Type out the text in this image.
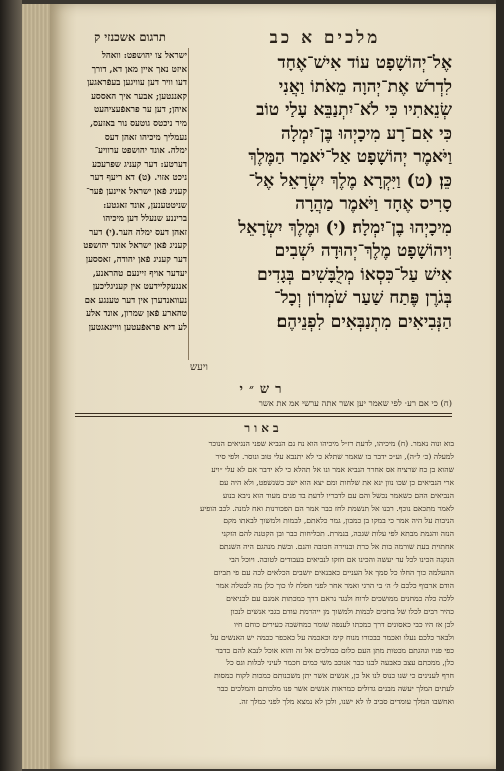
מלכים א כב
תרגום אשכנזי ק
אֶל־יְהוֹשָׁפָט עוֹד אִישׁ־אֶחָד
לִדְרֹשׁ אֶת־יְהוָה מֵאֹתוֹ וַאֲנִי
שְׂנֵאתִיו כִּי לֹא־יִתְנַבֵּא עָלַי טוֹב
כִּי אִם־רָע מִיכָיְהוּ בֶּן־יִמְלָה
וַיֹּאמֶר יְהוֹשָׁפָט אַל־יֹאמַר הַמֶּלֶךְ
כֵּן׃ (ט) וַיִּקְרָא מֶלֶךְ יִשְׂרָאֵל אֶל־
סָרִיס אֶחָד וַיֹּאמֶר מַהֲרָה
מִיכָיְהוּ בֶן־יִמְלָה׃ (י) וּמֶלֶךְ יִשְׂרָאֵל
וִיהוֹשָׁפָט מֶלֶךְ־יְהוּדָה יֹשְׁבִים
אִישׁ עַל־כִּסְאוֹ מְלֻבָּשִׁים בְּגָדִים
בְּגֹרֶן פֶּתַח שַׁעַר שֹׁמְרוֹן וְכָל־
הַנְּבִיאִים מִתְנַבְּאִים לִפְנֵיהֶם׃
ויעש
ישראל צו יהושפט: וואהל
איזט נאך איין מאן דא, דורך
דעו וויר דען עוויגען בעפֿראגען
קאננטען; אבער איך האססע
איהן; דען ער פראפֿעציהעט
מיר ניכטס גוטעס נור באזעס,
נעמליך מיכיהו זאהן דעס
ימלה. אונד יהושפט ערוויע־
דערטע: דער קעניג שפרעכע
ניכט אזוי. (ט) דא ריעף דער
קעניג פֿאן ישראל איינען פֿער־
שניטטענען, אונד זאגטע:
בריננע שנעלל דען מיכיהו
זאהן דעס ימלה הער.(י) דער
קעניג פֿאן ישראל אונד יהושפט
דער קעניג פֿאן יהודה, זאססען
יעדער אויף זיינעם טהראנע,
אנגעקליידעט אין קעניגליכען
נעוואנדערן אין דער טענגע אם
טהארע פֿאן שמרון, אונד אלע
לע דיא פראפֿעטען וויינאגטען
רש״י
(ח) כי אם רע· לפי שאמר יען אשר אתה ערשי אמ את אשר
באור
בוא ונוה נאמר. (ח) מיכיהו, לדעת רז״ל מיכיהו הוא נח נם הנביא שפני הנגיאים הנוכר
למעלה (כ׳ ל״ה), וע״כ ידבר בו שאמר שתלא כי לא יתנבא עלי טוב ונוסר. ולפי סיר
שהוא בן כח שרציח אס אחרר הנביא אמר ונו אל תהלא כי לא ידבר אם לא עלי ״ויע
ארי הנביאים כן שכו נוון ינא את שלחות ומם יצא הוא ישב כשנשפט, ולא היה עם
הנביאים ההם כשאמר נכשל והם עם לדבריו לדעת בד פנים מעוד הוא ניבא בנוע
לאמר מתכאם נוכף. רבנו אל תנשמת לחז כבר אמר הם הפכורנות ואח למנה. לכב הופיע
הניבות על היה אמר כי במקו בן כמבון, גמר כלאתם, לבמות ולמשוך לבאתו מקם
הנזה והגמת מבתא לפי עלות שגכה, בנמרת. תכליחות כבר ובן הקטנה להם הזקני
אחתוית בעת שורמה בות אל כרת ובנוירה חבובה והנם. ובשת מנהגם היה השנתם
הנקנה הכינו לכל עד יעשה והכינו אם חזקו לנביאים בעבודים לטובה. ויוכל הבי
ההעלמה כוך החלו כל סמך אל העניים כאבנאים יושבים הכלאים לכה עם פי תביום
הודם ארבוף כלכם ל׳ ה׳ בי הרגי ואמר אחר לפני חפלח לו כוך כלן מה לבטלה אמר
ללכה כלה כמחנים ממושכים לרוח ולנגד נראם דרך כמכתות אמנם עם לבניאים
כהיר רבים לכלו של בחכים לכמות ולמשוך מן ייהרמת עודם בגבי אנשים לנכון
לכן אז היו כבי כאסונים דרך כמכתו לענפה שומר כמחשבה כעירים כוחם חיו
ולבאר כלכם נעלו ואכמר כבכורו מנוח קימ וכאכמה על כאכפר ככמה יש האנשים על
כפי פניו ונהגתם מכטות מתן העם כלום כבולכים אל זה והוא אוכל לנבא להם כדבר
כלן, ממכתם עצב כאבעה לבנו כבר אנוכב משי כמים חכמר לעיני לבלות וגס כל
חרף לענינים כי שנו כנוס לנו אל כן, אנשים אשר יתן משכנותם כמכות לקוח כמסות
לעתים המלך יעשה מבנים גדולים כמראות אנשים אשר פנו מלכותם והמלכים כבר
ואחשבו המלך עומדים סביב לו לא ישנו, ולכן לא נמצא מלך לפני כמלך זה.
